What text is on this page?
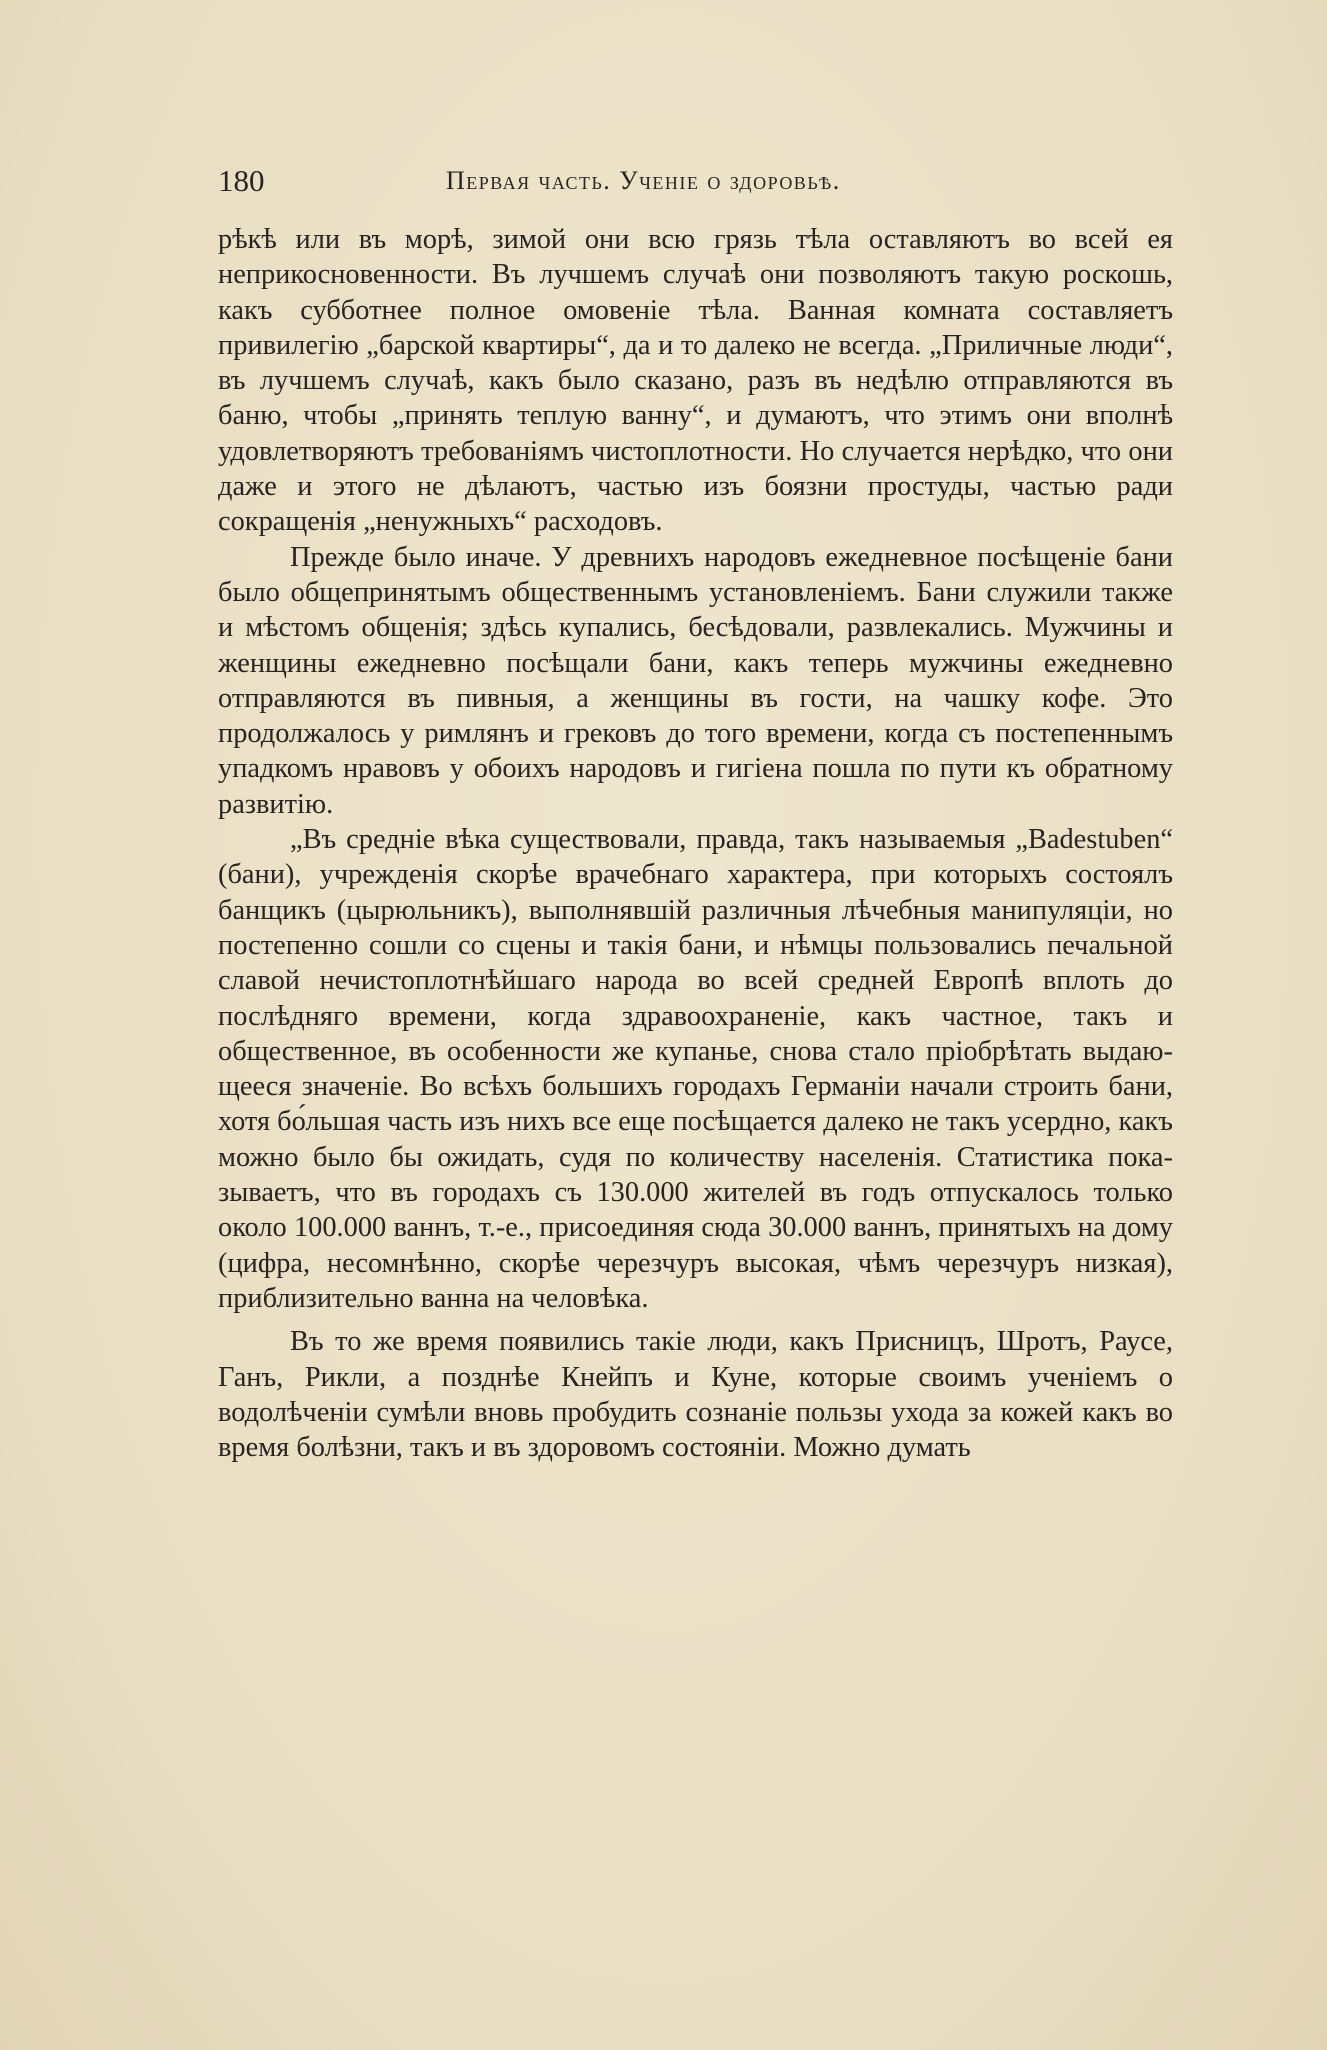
180	Первая часть. Ученіе о здоровьѣ.

рѣкѣ или въ морѣ, зимой они всю грязь тѣла оставляютъ во всей ея неприкосновенности. Въ лучшемъ случаѣ они позволяютъ такую роскошь, какъ субботнее полное омовеніе тѣла. Ванная комната составляетъ привилегію „барской квартиры“, да и то далеко не всегда. „Приличные люди“, въ лучшемъ случаѣ, какъ было сказано, разъ въ недѣлю отправляются въ баню, чтобы „принять теплую ванну“, и думаютъ, что этимъ они вполнѣ удовлетворяютъ требованіямъ чистоплотности. Но случается нерѣдко, что они даже и этого не дѣлаютъ, частью изъ боязни простуды, частью ради сокращенія „ненужныхъ“ расходовъ.

Прежде было иначе. У древнихъ народовъ ежедневное посѣщеніе бани было общепринятымъ общественнымъ установленіемъ. Бани служили также и мѣстомъ общенія; здѣсь купались, бесѣдовали, развлекались. Мужчины и женщины ежедневно посѣщали бани, какъ теперь мужчины ежедневно отправляются въ пивныя, а женщины въ гости, на чашку кофе. Это продолжалось у римлянъ и грековъ до того времени, когда съ постепеннымъ упадкомъ нравовъ у обоихъ народовъ и гигіена пошла по пути къ обратному развитію.

„Въ средніе вѣка существовали, правда, такъ называемыя „Badestuben“ (бани), учрежденія скорѣе врачебнаго характера, при которыхъ состоялъ банщикъ (цырюльникъ), выполнявшій различныя лѣчебныя манипуляціи, но постепенно сошли со сцены и такія бани, и нѣмцы пользовались печальной славой нечистоплотнѣйшаго народа во всей средней Европѣ вплоть до послѣдняго времени, когда здравоохраненіе, какъ частное, такъ и общественное, въ особенности же купанье, снова стало пріобрѣтать выдающееся значеніе. Во всѣхъ большихъ городахъ Германіи начали строить бани, хотя бо́льшая часть изъ нихъ все еще посѣщается далеко не такъ усердно, какъ можно было бы ожидать, судя по количеству населенія. Статистика показываетъ, что въ городахъ съ 130.000 жителей въ годъ отпускалось только около 100.000 ваннъ, т.-е., присоединяя сюда 30.000 ваннъ, принятыхъ на дому (цифра, несомнѣнно, скорѣе черезчуръ высокая, чѣмъ черезчуръ низкая), приблизительно ванна на человѣка.

Въ то же время появились такіе люди, какъ Присницъ, Шротъ, Раусе, Ганъ, Рикли, а позднѣе Кнейпъ и Куне, которые своимъ ученіемъ о водолѣченіи сумѣли вновь пробудить сознаніе пользы ухода за кожей какъ во время болѣзни, такъ и въ здоровомъ состояніи. Можно думать
